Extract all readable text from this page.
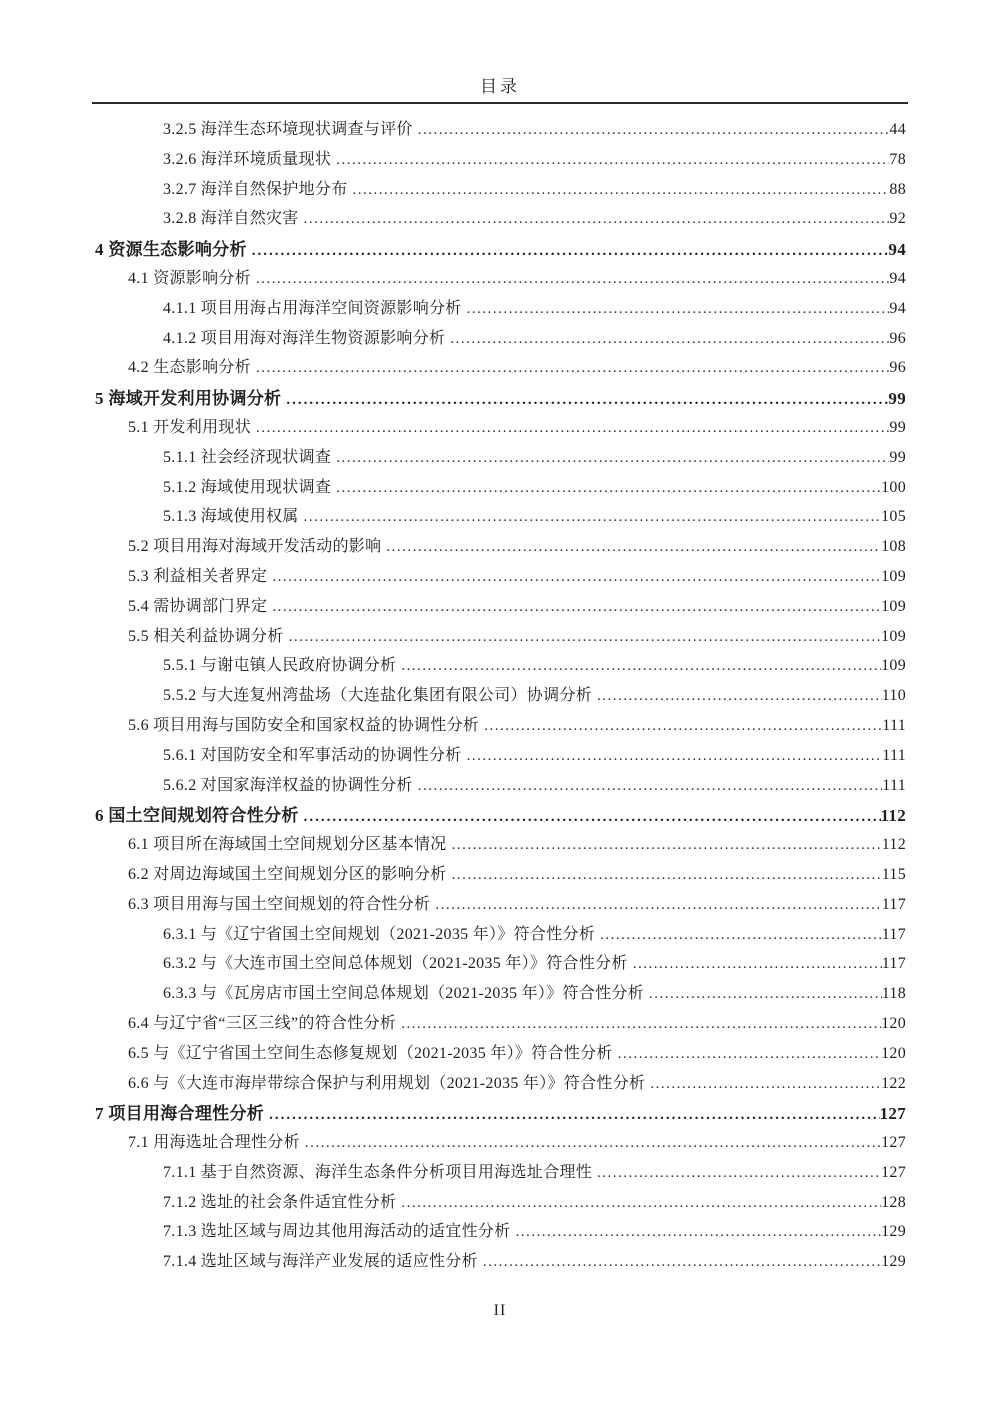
目录
3.2.5 海洋生态环境现状调查与评价 .....	44
3.2.6 海洋环境质量现状 .....	78
3.2.7 海洋自然保护地分布 .....	88
3.2.8 海洋自然灾害 .....	92
4 资源生态影响分析 .....	94
4.1 资源影响分析 .....	94
4.1.1 项目用海占用海洋空间资源影响分析 .....	94
4.1.2 项目用海对海洋生物资源影响分析 .....	96
4.2 生态影响分析 .....	96
5 海域开发利用协调分析 .....	99
5.1 开发利用现状 .....	99
5.1.1 社会经济现状调查 .....	99
5.1.2 海域使用现状调查 .....	100
5.1.3 海域使用权属 .....	105
5.2 项目用海对海域开发活动的影响 .....	108
5.3 利益相关者界定 .....	109
5.4 需协调部门界定 .....	109
5.5 相关利益协调分析 .....	109
5.5.1 与谢屯镇人民政府协调分析 .....	109
5.5.2 与大连复州湾盐场（大连盐化集团有限公司）协调分析 .....	110
5.6 项目用海与国防安全和国家权益的协调性分析 .....	111
5.6.1 对国防安全和军事活动的协调性分析 .....	111
5.6.2 对国家海洋权益的协调性分析 .....	111
6 国土空间规划符合性分析 .....	112
6.1 项目所在海域国土空间规划分区基本情况 .....	112
6.2 对周边海域国土空间规划分区的影响分析 .....	115
6.3 项目用海与国土空间规划的符合性分析 .....	117
6.3.1 与《辽宁省国土空间规划（2021-2035 年）》符合性分析 .....	117
6.3.2 与《大连市国土空间总体规划（2021-2035 年）》符合性分析 .....	117
6.3.3 与《瓦房店市国土空间总体规划（2021-2035 年）》符合性分析 .....	118
6.4 与辽宁省“三区三线”的符合性分析 .....	120
6.5 与《辽宁省国土空间生态修复规划（2021-2035 年）》符合性分析 .....	120
6.6 与《大连市海岸带综合保护与利用规划（2021-2035 年）》符合性分析 .....	122
7 项目用海合理性分析 .....	127
7.1 用海选址合理性分析 .....	127
7.1.1 基于自然资源、海洋生态条件分析项目用海选址合理性 .....	127
7.1.2 选址的社会条件适宜性分析 .....	128
7.1.3 选址区域与周边其他用海活动的适宜性分析 .....	129
7.1.4 选址区域与海洋产业发展的适应性分析 .....	129
II
